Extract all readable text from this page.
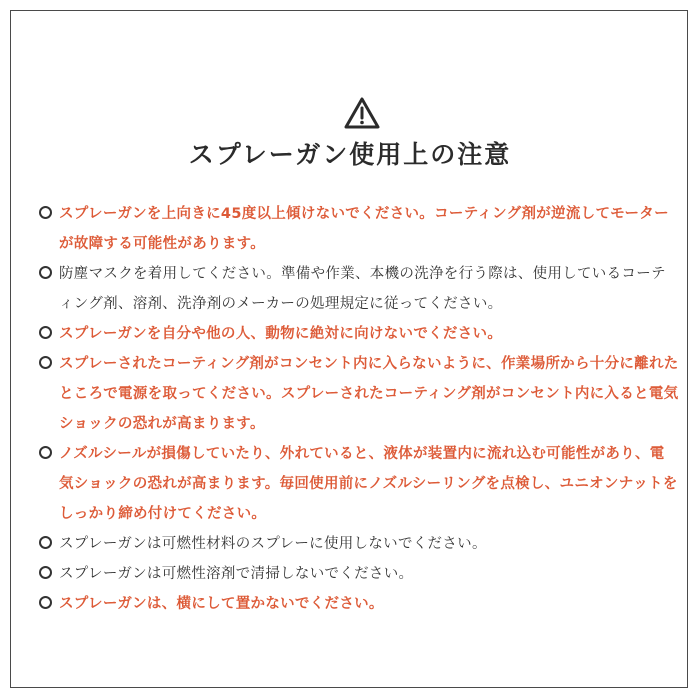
スプレーガン使用上の注意
スプレーガンを上向きに45度以上傾けないでください。コーティング剤が逆流してモーターが故障する可能性があります。
防塵マスクを着用してください。準備や作業、本機の洗浄を行う際は、使用しているコーティング剤、溶剤、洗浄剤のメーカーの処理規定に従ってください。
スプレーガンを自分や他の人、動物に絶対に向けないでください。
スプレーされたコーティング剤がコンセント内に入らないように、作業場所から十分に離れたところで電源を取ってください。スプレーされたコーティング剤がコンセント内に入ると電気ショックの恐れが高まります。
ノズルシールが損傷していたり、外れていると、液体が装置内に流れ込む可能性があり、電気ショックの恐れが高まります。毎回使用前にノズルシーリングを点検し、ユニオンナットをしっかり締め付けてください。
スプレーガンは可燃性材料のスプレーに使用しないでください。
スプレーガンは可燃性溶剤で清掃しないでください。
スプレーガンは、横にして置かないでください。
